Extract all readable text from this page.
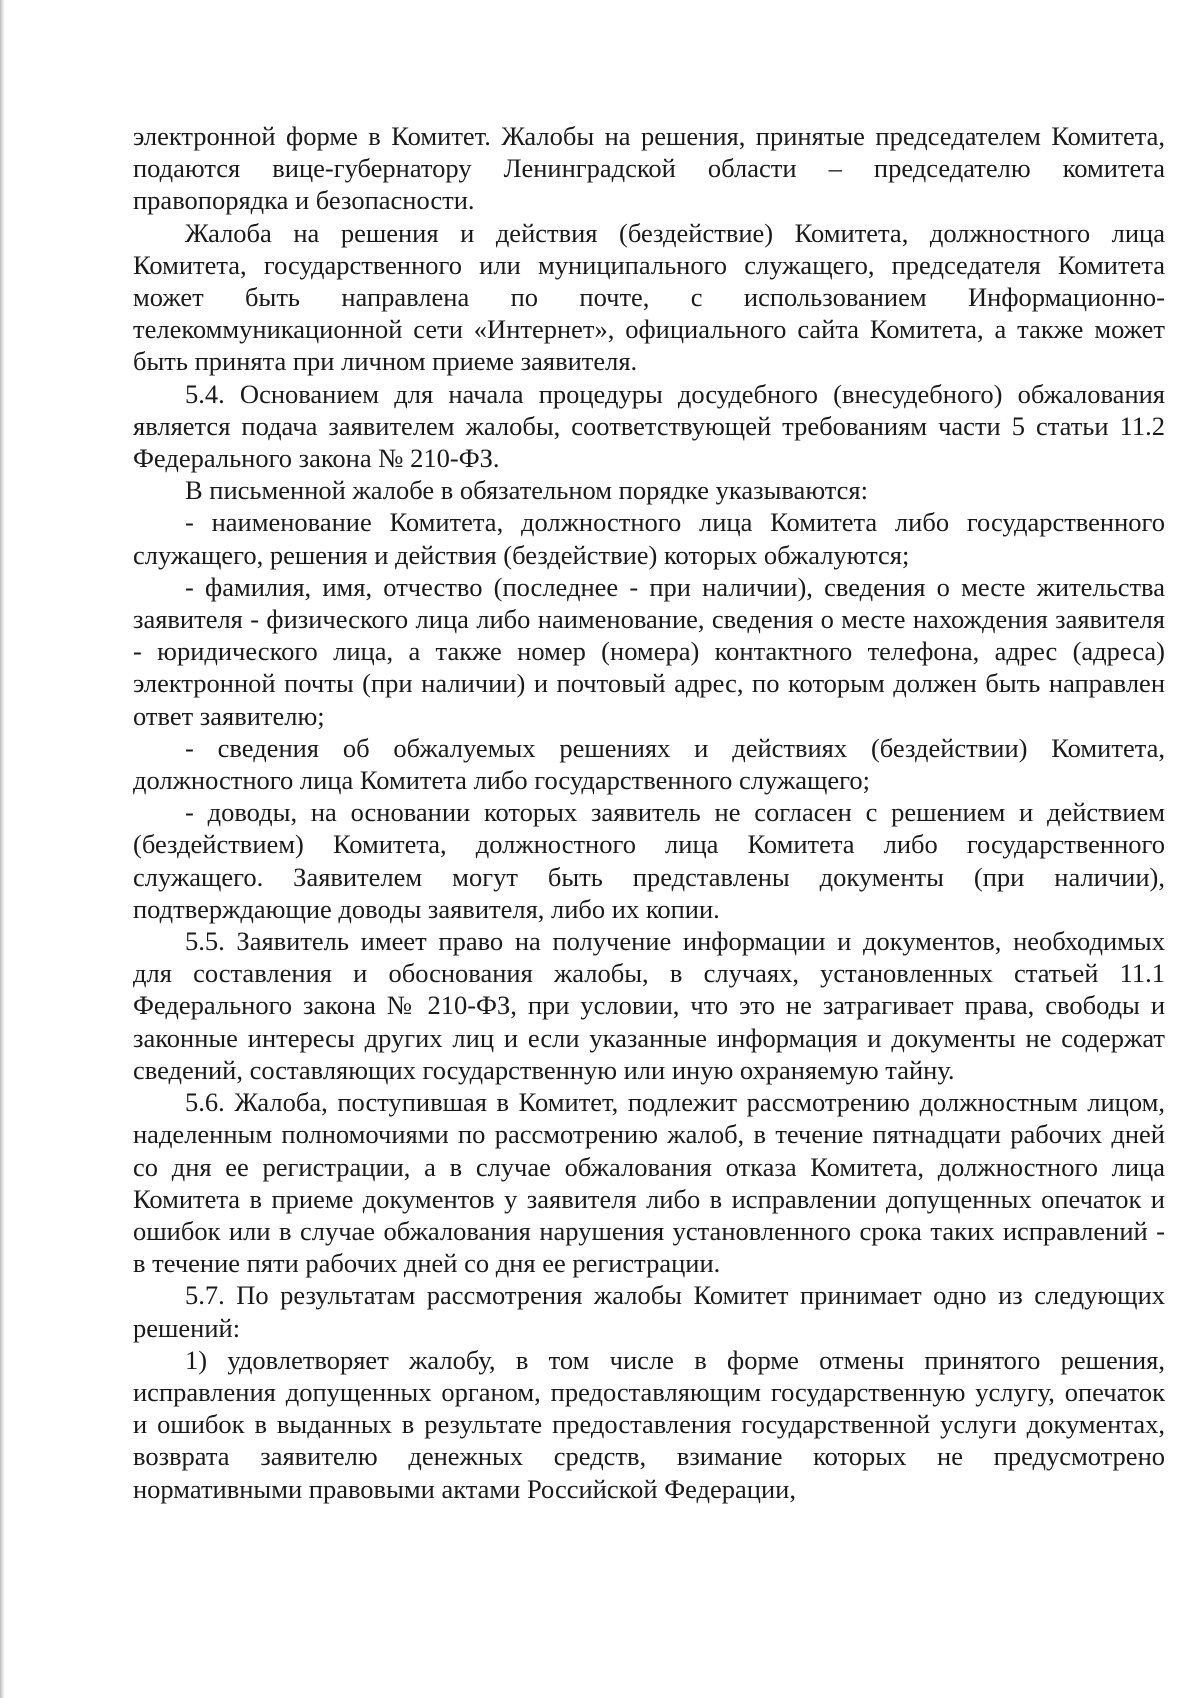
электронной форме в Комитет. Жалобы на решения, принятые председателем Комитета, подаются вице-губернатору Ленинградской области – председателю комитета правопорядка и безопасности.

Жалоба на решения и действия (бездействие) Комитета, должностного лица Комитета, государственного или муниципального служащего, председателя Комитета может быть направлена по почте, с использованием Информационно-телекоммуникационной сети «Интернет», официального сайта Комитета, а также может быть принята при личном приеме заявителя.

5.4. Основанием для начала процедуры досудебного (внесудебного) обжалования является подача заявителем жалобы, соответствующей требованиям части 5 статьи 11.2 Федерального закона № 210-ФЗ.

В письменной жалобе в обязательном порядке указываются:

- наименование Комитета, должностного лица Комитета либо государственного служащего, решения и действия (бездействие) которых обжалуются;

- фамилия, имя, отчество (последнее - при наличии), сведения о месте жительства заявителя - физического лица либо наименование, сведения о месте нахождения заявителя - юридического лица, а также номер (номера) контактного телефона, адрес (адреса) электронной почты (при наличии) и почтовый адрес, по которым должен быть направлен ответ заявителю;

- сведения об обжалуемых решениях и действиях (бездействии) Комитета, должностного лица Комитета либо государственного служащего;

- доводы, на основании которых заявитель не согласен с решением и действием (бездействием) Комитета, должностного лица Комитета либо государственного служащего. Заявителем могут быть представлены документы (при наличии), подтверждающие доводы заявителя, либо их копии.

5.5. Заявитель имеет право на получение информации и документов, необходимых для составления и обоснования жалобы, в случаях, установленных статьей 11.1 Федерального закона № 210-ФЗ, при условии, что это не затрагивает права, свободы и законные интересы других лиц и если указанные информация и документы не содержат сведений, составляющих государственную или иную охраняемую тайну.

5.6. Жалоба, поступившая в Комитет, подлежит рассмотрению должностным лицом, наделенным полномочиями по рассмотрению жалоб, в течение пятнадцати рабочих дней со дня ее регистрации, а в случае обжалования отказа Комитета, должностного лица Комитета в приеме документов у заявителя либо в исправлении допущенных опечаток и ошибок или в случае обжалования нарушения установленного срока таких исправлений - в течение пяти рабочих дней со дня ее регистрации.

5.7. По результатам рассмотрения жалобы Комитет принимает одно из следующих решений:

1) удовлетворяет жалобу, в том числе в форме отмены принятого решения, исправления допущенных органом, предоставляющим государственную услугу, опечаток и ошибок в выданных в результате предоставления государственной услуги документах, возврата заявителю денежных средств, взимание которых не предусмотрено нормативными правовыми актами Российской Федерации,
